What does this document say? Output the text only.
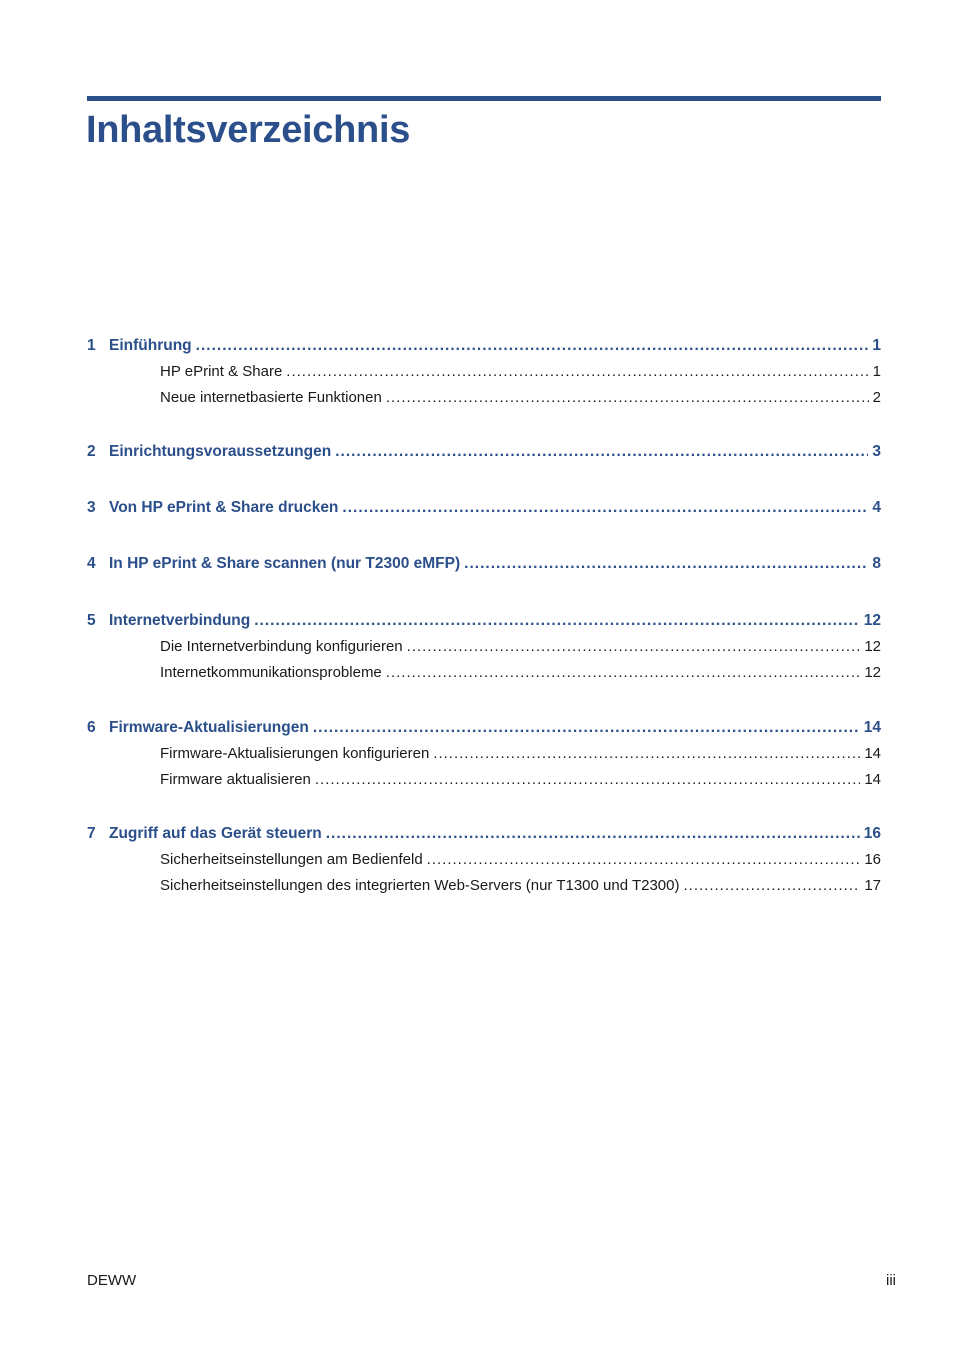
Inhaltsverzeichnis
1 Einführung .....	1
HP ePrint & Share .....	1
Neue internetbasierte Funktionen .....	2
2 Einrichtungsvoraussetzungen .....	3
3 Von HP ePrint & Share drucken .....	4
4 In HP ePrint & Share scannen (nur T2300 eMFP) .....	8
5 Internetverbindung .....	12
Die Internetverbindung konfigurieren .....	12
Internetkommunikationsprobleme .....	12
6 Firmware-Aktualisierungen .....	14
Firmware-Aktualisierungen konfigurieren .....	14
Firmware aktualisieren .....	14
7 Zugriff auf das Gerät steuern .....	16
Sicherheitseinstellungen am Bedienfeld .....	16
Sicherheitseinstellungen des integrierten Web-Servers (nur T1300 und T2300) .....	17
DEWW	iii
